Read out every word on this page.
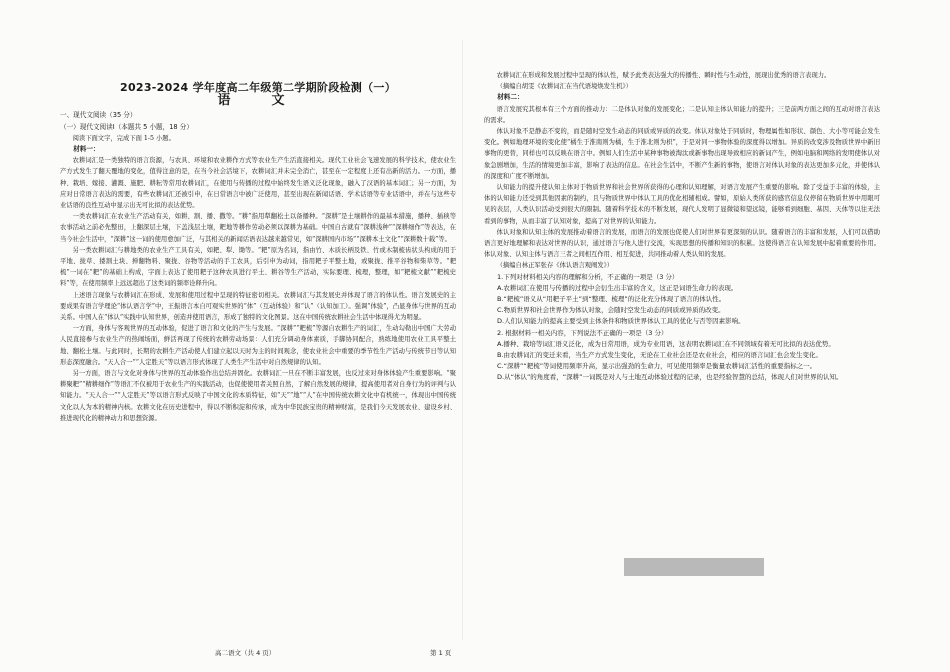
2023-2024 学年度高二年级第二学期阶段检测（一）
语　文

一、现代文阅读（35 分）

（一）现代文阅读Ⅰ（本题共 5 小题，18 分）

阅读下面文字，完成下面 1-5 小题。

材料一：

农耕词汇是一类独特的语言资源，与农具、环境和农业耕作方式等农业生产生活直接相关。现代工业社会飞速发展的科学技术，使农业生产方式发生了翻天覆地的变化，值得注意的是，在当今社会活境下，农耕词汇并未完全消亡，甚至在一定程度上还有出新的活力。一方面，播种、栽培、嫁接、灌溉、施肥、耕耘等常用农耕词汇，在使用与传播的过程中始终发生语义泛化现象，融入了汉语的基本词汇；另一方面，为应对日常语言表达的需要，有些农耕词汇还被引申，在日常语言中被广泛使用，甚至出现在新闻话语、学术话语等专业话语中，并在与这些专业话语的良性互动中显示出无可比拟的表达优势。

一类农耕词汇在农业生产活动有关，如耕、割、播、撒等。“耕”指用犁翻松土以备播种。“深耕”是土壤耕作的最基本措施，播种、插秧等农事活动之前必先整田，上翻深层土壤，下盖浅层土壤，耙地等耕作劳动必须以深耕为基础。中国自古就有“深耕浅种”“深耕细作”等表达，在当今社会生活中，“深耕”这一词的使用愈加广泛，与其相关的新闻话语表达越来越常见，如“深耕国内市场”“深耕本土文化”“深耕数十载”等。

另一类农耕词汇与耕地类的农业生产工具有关，如耙、犁、锄等。“耙”原为名词，指由竹、木质长柄及铁、竹或木制梳齿状头构成的用于平地、拢草、搂割土块、掸翻物料、聚拢、谷物等活动的手工农具，后引申为动词，指用耙子平整土地，或聚拢、推平谷物和柴草等。“耙梳”一词在“耙”的基础上构成，字面上表达了使用耙子这种农具进行平土、耕谷等生产活动，实际要理、梳理，整理，如“耙梳文献”“耙梳史料”等，在使用频率上远远超出了这类词的频率诠释升向。

上述语言现象与农耕词汇在形成、发展和使用过程中呈现的特征密切相关。农耕词汇与其发展史并体现了语言的体认性。语言发展史的主要成果有语言学理论“体认语言学”中，王振语言本自可观实世界的“体”（互动体验）和“认”（认知加工）。强调“体验”，凸显身体与世界的互动关系。中国人在“体认”实践中认知世界，创造并使用语言，形成了独特的文化图景。这在中国传统农耕社会生活中体现得尤为明显。

一方面，身体与客观世界的互动体验，促进了语言和文化的产生与发展。“深耕”“耙梳”等源自农耕生产的词汇，生动勾勒出中国广大劳动人民直接参与农业生产的热闹场面，鲜活再现了传统的农耕劳动场景：人们充分调动身体素质，手脚协同配合，熟练地使用农业工具平整土地、翻松土壤。与此同时，长期的农耕生产活动使人们建立起以天时为主的时间观念，使农业社会中重要的季节性生产活动与传统节日等认知形态深度融合。“天人合一”“人定胜天”等以语言形式体现了人类生产生活中对自然规律的认知。

另一方面，语言与文化对身体与世界的互动体验作出总结并固化。农耕词汇一旦在不断丰富发展，也反过来对身体体验产生重要影响。“聚耕聚耙”“精耕细作”等语汇不仅被用于农业生产的实践活动，也促使使用者关照自然，了解自然发展的规律，提高使用者对自身行为的评判与认知能力。“天人合一”“人定胜天”等以语言形式反映了中国文化的本质特征，如“天”“地”“人”在中国传统农耕文化中有机统一，体现出中国传统文化以人为本的精神内核。农耕文化在历史进程中，得以不断积淀和传承，成为中华民族宝贵的精神财富，是我们今天发展农业、建设乡村、推进现代化的精神动力和思想资源。

农耕词汇在形成和发展过程中呈现的体认性，赋予此类表达强大的传播性、瞬时性与生动性，展现出优秀的语言表现力。

（摘编自胡雯《农耕词汇在当代语境焕发生机》）

材料二：

语言发展究其根本有三个方面的推动力：二是体认对象的发展变化；二是认知主体认知能力的提升；三是前两方面之间的互动对语言表达的需求。

体认对象不是静态不变的，而是随时空发生动态的同质或异质的改变。体认对象处于同质时，物理属性如形状、颜色、大小等可能会发生变化。例如地理环境的变化使“橘生于淮南则为橘，生于淮北则为枳”，于是对同一事物体验的深度得以增加。异质的改变涉及物质世界中新旧事物的更替，同样也可以反映在语言中。例如人们生活中某种事物被淘汰或新事物出现导致相应的新词产生，例如电脑和网络的发明使体认对象急剧增加，生活的情境更加丰富，影响了表达的信息。在社会生活中，不断产生新的事物，使语言对体认对象的表达更加多元化，并使体认的深度和广度不断增加。

认知能力的提升使认知主体对于物质世界和社会世界所获得的心理和认知理解，对语言发展产生重要的影响。除了受益于丰富的体验，主体的认知能力还受到其他因素的制约，且与物质世界中体认工具的优化相辅相成。譬如，原始人类所获的感官信息仅停留在物质世界中用眼可见的表层，人类认识活动受到很大的限制。随着科学技术的不断发展，现代人发明了显微镜和望远镜，能够看到细胞、基因、天体等以往无法看到的事物，从而丰富了认知对象，提高了对世界的认知能力。

体认对象和认知主体的发展推动着语言的发展，而语言的发展也促使人们对世界有更深刻的认识。随着语言的丰富和发展，人们可以借助语言更好地理解和表达对世界的认识，通过语言与他人进行交流，实现思想的传播和知识的积累。这使得语言在认知发展中起着重要的作用。体认对象、认知主体与语言三者之间相互作用、相互促进，共同推动着人类认知的发展。

（摘编自林正军张存《体认语言观阐发》）

1.下列对材料相关内容的理解和分析，不正确的一项是（3 分）

A.农耕词汇在使用与传播的过程中会衍生出丰富的含义，这正是词语生命力的表现。

B.“耙梳”语义从“用耙子平土”到“整理、梳理”的泛化充分体现了语言的体认性。

C.物质世界和社会世界作为体认对象，会随时空发生动态的同质或异质的改变。

D.人们认知能力的提高主要受到主体条件和物质世界体认工具的优化与否等因素影响。

2. 根据材料一相关内容，下列说法不正确的一项是（3 分）

A.播种、栽培等词汇语义泛化，成为日常用语，成为专业用语，这表明农耕词汇在不同领域有着无可比拟的表达优势。

B.由农耕词汇的变迁来看，当生产方式发生变化，无论在工业社会还是农业社会，相应的语言词汇也会发生变化。

C.“深耕”“耙梳”等词使用频率升高，显示出强劲的生命力，可见使用频率是衡量农耕词汇活性的重要指标之一。

D.从“体认”的角度看，“深耕”一词既是对人与土地互动体验过程的记录，也是经验智慧的总结，体现人们对世界的认知。

高二语文（共 4 页）	第 1 页
